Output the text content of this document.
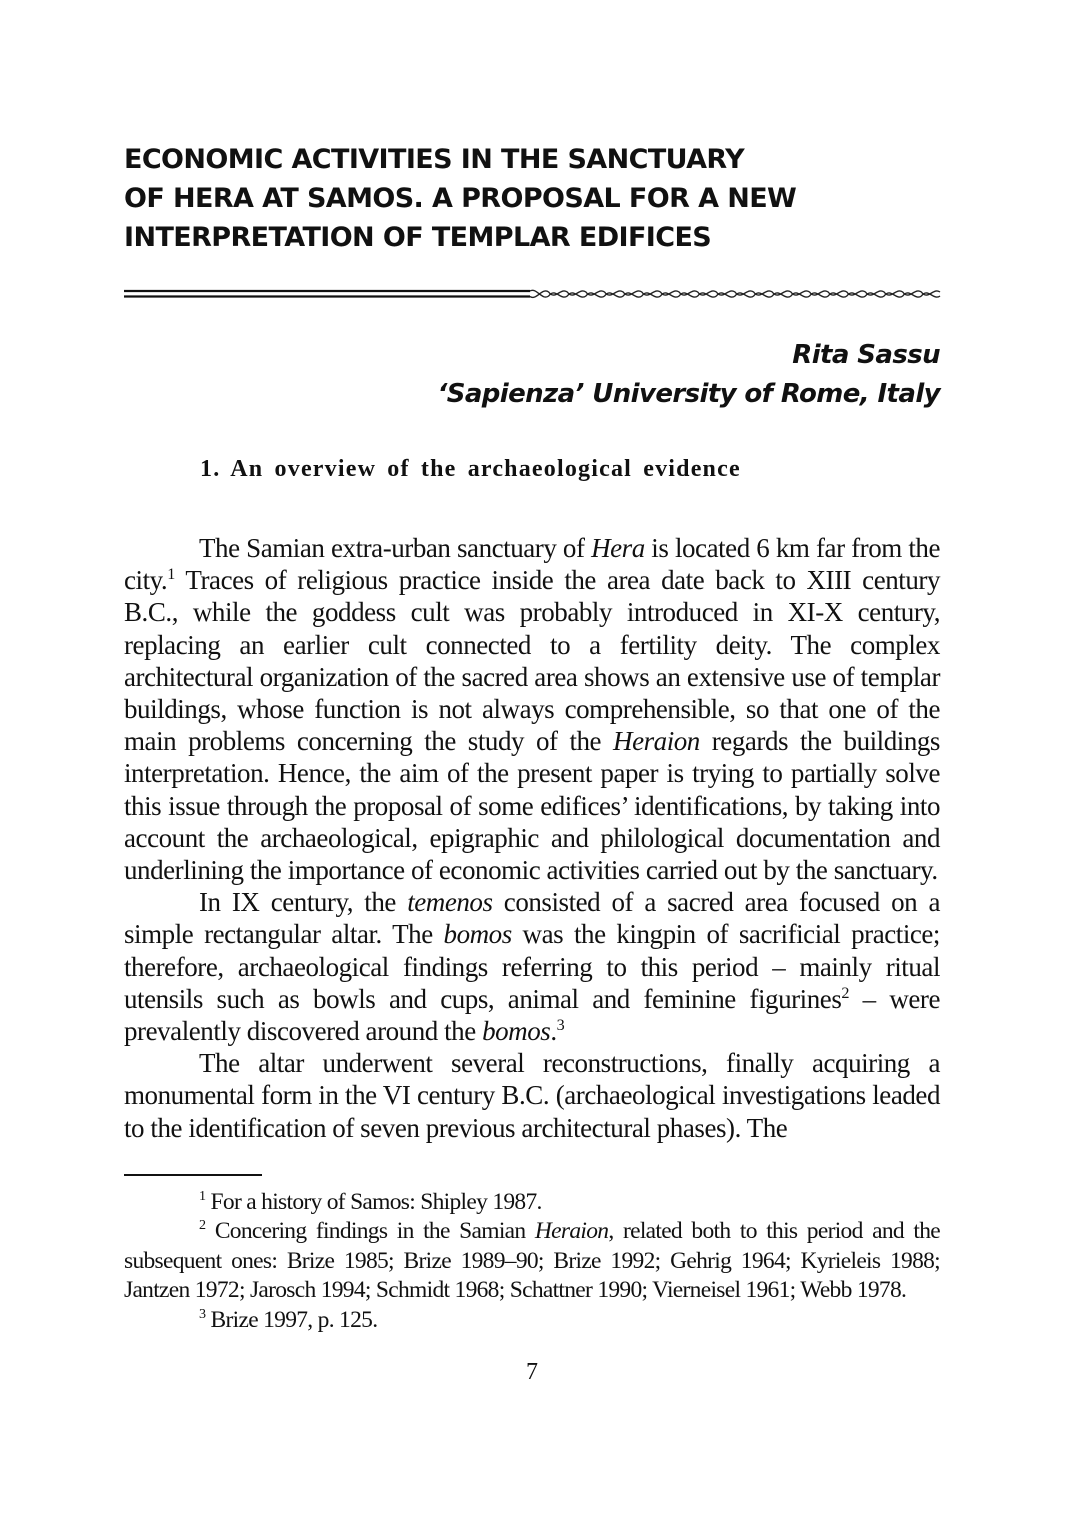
ECONOMIC ACTIVITIES IN THE SANCTUARY
OF HERA AT SAMOS. A PROPOSAL FOR A NEW
INTERPRETATION OF TEMPLAR EDIFICES
Rita Sassu
‘Sapienza’ University of Rome, Italy
1. An overview of the archaeological evidence

The Samian extra-urban sanctuary of Hera is located 6 km far from the city.$^1$ Traces of religious practice inside the area date back to XIII century B.C., while the goddess cult was probably introduced in XI-X century, replacing an earlier cult connected to a fertility deity. The complex architectural organization of the sacred area shows an extensive use of templar buildings, whose function is not always comprehensible, so that one of the main problems concerning the study of the Heraion regards the buildings interpretation. Hence, the aim of the present paper is trying to partially solve this issue through the proposal of some edifices’ identifications, by taking into account the archaeological, epigraphic and philological documentation and underlining the importance of economic activities carried out by the sanctuary.

In IX century, the temenos consisted of a sacred area focused on a simple rectangular altar. The bomos was the kingpin of sacrificial practice; therefore, archaeological findings referring to this period – mainly ritual utensils such as bowls and cups, animal and feminine figurines$^2$ – were prevalently discovered around the bomos.$^3$

The altar underwent several reconstructions, finally acquiring a monumental form in the VI century B.C. (archaeological investigations leaded to the identification of seven previous architectural phases). The

$^1$ For a history of Samos: Shipley 1987.

$^2$ Concering findings in the Samian Heraion, related both to this period and the subsequent ones: Brize 1985; Brize 1989–90; Brize 1992; Gehrig 1964; Kyrieleis 1988; Jantzen 1972; Jarosch 1994; Schmidt 1968; Schattner 1990; Vierneisel 1961; Webb 1978.

$^3$ Brize 1997, p. 125.

7
